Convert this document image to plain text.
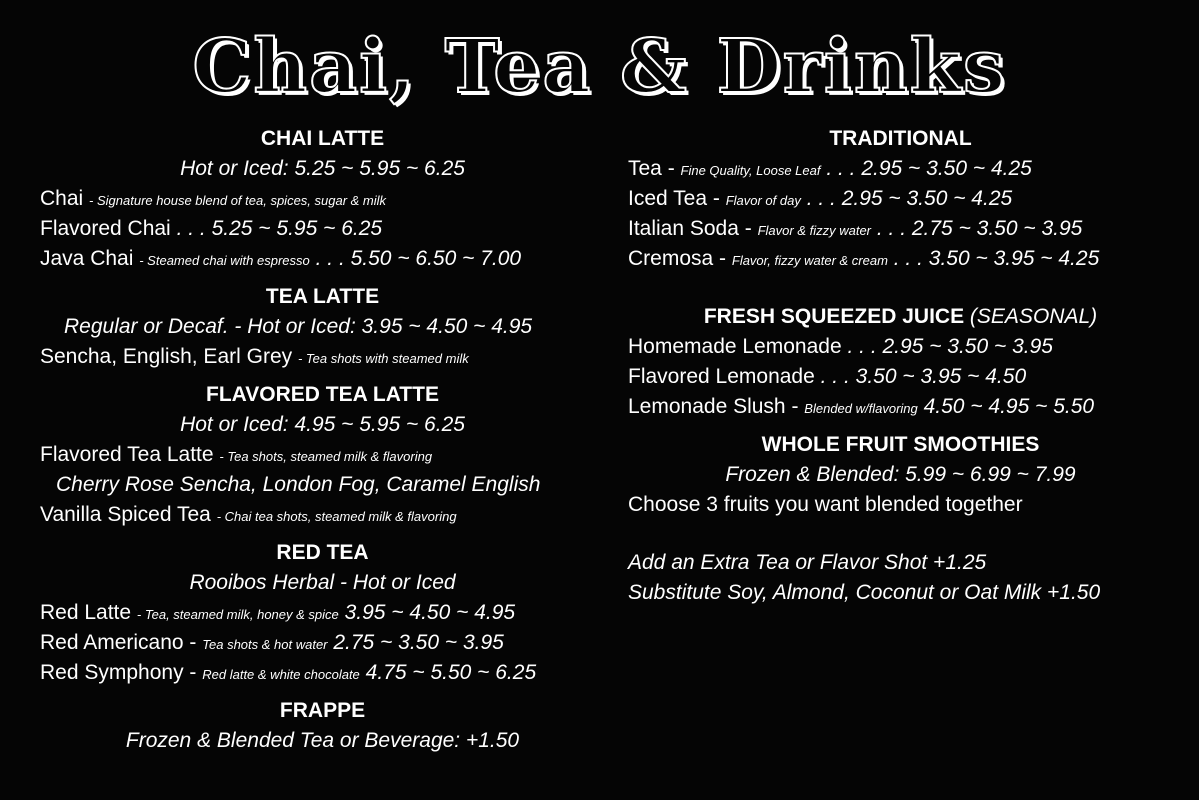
Chai, Tea & Drinks
CHAI LATTE
Hot or Iced: 5.25 ~ 5.95 ~ 6.25
Chai - Signature house blend of tea, spices, sugar & milk
Flavored Chai . . . 5.25 ~ 5.95 ~ 6.25
Java Chai - Steamed chai with espresso . . . 5.50 ~ 6.50 ~ 7.00
TEA LATTE
Regular or Decaf. - Hot or Iced: 3.95 ~ 4.50 ~ 4.95
Sencha, English, Earl Grey - Tea shots with steamed milk
FLAVORED TEA LATTE
Hot or Iced: 4.95 ~ 5.95 ~ 6.25
Flavored Tea Latte - Tea shots, steamed milk & flavoring
Cherry Rose Sencha, London Fog, Caramel English
Vanilla Spiced Tea - Chai tea shots, steamed milk & flavoring
RED TEA
Rooibos Herbal - Hot or Iced
Red Latte - Tea, steamed milk, honey & spice 3.95 ~ 4.50 ~ 4.95
Red Americano - Tea shots & hot water 2.75 ~ 3.50 ~ 3.95
Red Symphony - Red latte & white chocolate 4.75 ~ 5.50 ~ 6.25
FRAPPE
Frozen & Blended Tea or Beverage: +1.50
TRADITIONAL
Tea - Fine Quality, Loose Leaf . . . 2.95 ~ 3.50 ~ 4.25
Iced Tea - Flavor of day . . . 2.95 ~ 3.50 ~ 4.25
Italian Soda - Flavor & fizzy water . . . 2.75 ~ 3.50 ~ 3.95
Cremosa - Flavor, fizzy water & cream . . . 3.50 ~ 3.95 ~ 4.25
FRESH SQUEEZED JUICE (SEASONAL)
Homemade Lemonade . . . 2.95 ~ 3.50 ~ 3.95
Flavored Lemonade . . . 3.50 ~ 3.95 ~ 4.50
Lemonade Slush - Blended w/flavoring 4.50 ~ 4.95 ~ 5.50
WHOLE FRUIT SMOOTHIES
Frozen & Blended: 5.99 ~ 6.99 ~ 7.99
Choose 3 fruits you want blended together
Add an Extra Tea or Flavor Shot +1.25
Substitute Soy, Almond, Coconut or Oat Milk +1.50
